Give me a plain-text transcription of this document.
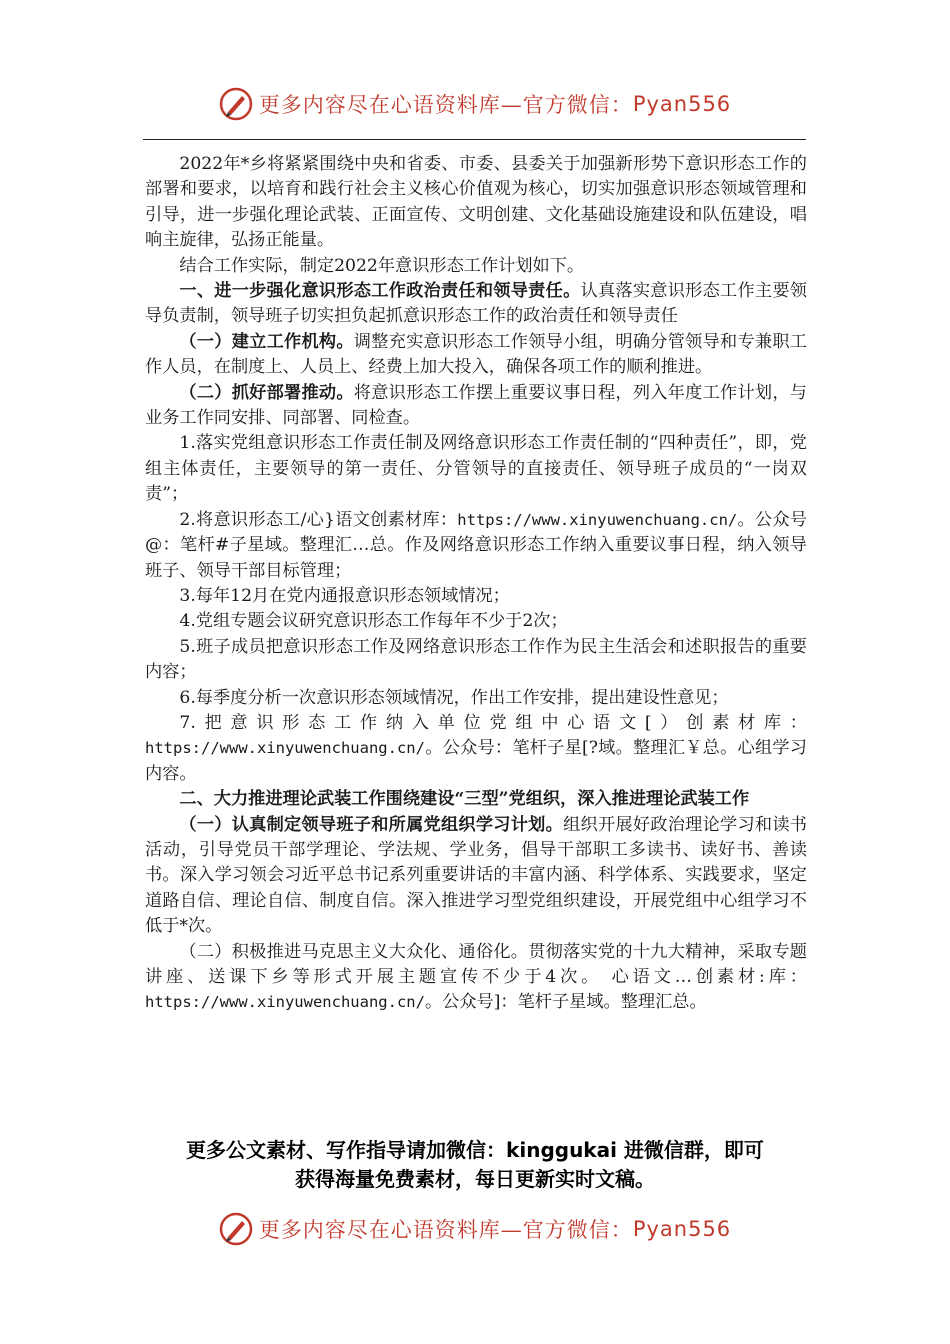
更多内容尽在心语资料库—官方微信： Pyan556

2022年*乡将紧紧围绕中央和省委、市委、县委关于加强新形势下意识形态工作的部署和要求，以培育和践行社会主义核心价值观为核心，切实加强意识形态领域管理和引导，进一步强化理论武装、正面宣传、文明创建、文化基础设施建设和队伍建设，唱响主旋律，弘扬正能量。

结合工作实际，制定2022年意识形态工作计划如下。

一、进一步强化意识形态工作政治责任和领导责任。认真落实意识形态工作主要领导负责制，领导班子切实担负起抓意识形态工作的政治责任和领导责任

（一）建立工作机构。调整充实意识形态工作领导小组，明确分管领导和专兼职工作人员，在制度上、人员上、经费上加大投入，确保各项工作的顺利推进。

（二）抓好部署推动。将意识形态工作摆上重要议事日程，列入年度工作计划，与业务工作同安排、同部署、同检查。

1.落实党组意识形态工作责任制及网络意识形态工作责任制的“四种责任”，即，党组主体责任，主要领导的第一责任、分管领导的直接责任、领导班子成员的“一岗双责”；

2.将意识形态工/心}语文创素材库：https://www.xinyuwenchuang.cn/。公众号@：笔杆#子星域。整理汇…总。作及网络意识形态工作纳入重要议事日程，纳入领导班子、领导干部目标管理；

3.每年12月在党内通报意识形态领域情况；

4.党组专题会议研究意识形态工作每年不少于2次；

5.班子成员把意识形态工作及网络意识形态工作作为民主生活会和述职报告的重要内容；

6.每季度分析一次意识形态领域情况，作出工作安排，提出建设性意见；

7.把意识形态工作纳入单位党组中心语文[）创素材库：https://www.xinyuwenchuang.cn/。公众号：笔杆子星[?域。整理汇￥总。心组学习内容。

二、大力推进理论武装工作围绕建设“三型”党组织，深入推进理论武装工作

（一）认真制定领导班子和所属党组织学习计划。组织开展好政治理论学习和读书活动，引导党员干部学理论、学法规、学业务，倡导干部职工多读书、读好书、善读书。深入学习领会习近平总书记系列重要讲话的丰富内涵、科学体系、实践要求，坚定道路自信、理论自信、制度自信。深入推进学习型党组织建设，开展党组中心组学习不低于*次。

（二）积极推进马克思主义大众化、通俗化。贯彻落实党的十九大精神，采取专题讲座、送课下乡等形式开展主题宣传不少于4次。 心语文…创素材:库：https://www.xinyuwenchuang.cn/。公众号]：笔杆子星域。整理汇总。

更多公文素材、写作指导请加微信：kinggukai 进微信群，即可
获得海量免费素材，每日更新实时文稿。
更多内容尽在心语资料库—官方微信： Pyan556
